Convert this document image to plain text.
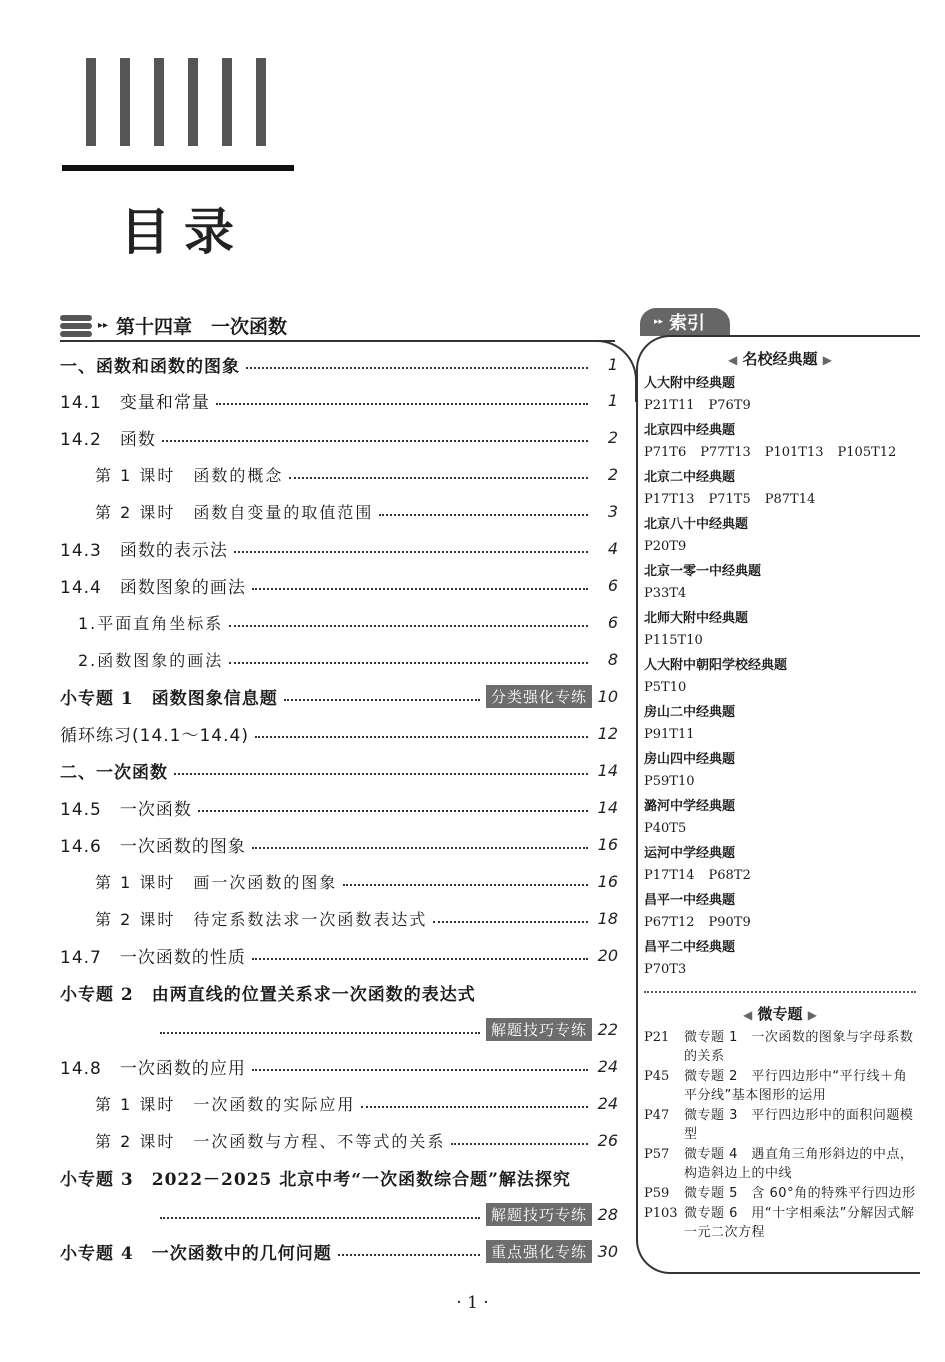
目录
▸▸ 第十四章　一次函数
一、函数和函数的图象	1
14.1　变量和常量	1
14.2　函数	2
第 1 课时　函数的概念	2
第 2 课时　函数自变量的取值范围	3
14.3　函数的表示法	4
14.4　函数图象的画法	6
1.平面直角坐标系	6
2.函数图象的画法	8
小专题 1　函数图象信息题	分类强化专练 10
循环练习(14.1～14.4)	12
二、一次函数	14
14.5　一次函数	14
14.6　一次函数的图象	16
第 1 课时　画一次函数的图象	16
第 2 课时　待定系数法求一次函数表达式	18
14.7　一次函数的性质	20
小专题 2　由两直线的位置关系求一次函数的表达式
解题技巧专练 22
14.8　一次函数的应用	24
第 1 课时　一次函数的实际应用	24
第 2 课时　一次函数与方程、不等式的关系	26
小专题 3　2022－2025 北京中考“一次函数综合题”解法探究
解题技巧专练 28
小专题 4　一次函数中的几何问题	重点强化专练 30
▸▸ 索引
◀ 名校经典题 ▶
人大附中经典题
P21T11 P76T9
北京四中经典题
P71T6 P77T13 P101T13 P105T12
北京二中经典题
P17T13 P71T5 P87T14
北京八十中经典题
P20T9
北京一零一中经典题
P33T4
北师大附中经典题
P115T10
人大附中朝阳学校经典题
P5T10
房山二中经典题
P91T11
房山四中经典题
P59T10
潞河中学经典题
P40T5
运河中学经典题
P17T14 P68T2
昌平一中经典题
P67T12 P90T9
昌平二中经典题
P70T3
◀ 微专题 ▶
P21	微专题 1　一次函数的图象与字母系数的关系
P45	微专题 2　平行四边形中“平行线＋角平分线”基本图形的运用
P47	微专题 3　平行四边形中的面积问题模型
P57	微专题 4　遇直角三角形斜边的中点，构造斜边上的中线
P59	微专题 5　含 60°角的特殊平行四边形
P103 微专题 6　用“十字相乘法”分解因式解一元二次方程
· 1 ·
